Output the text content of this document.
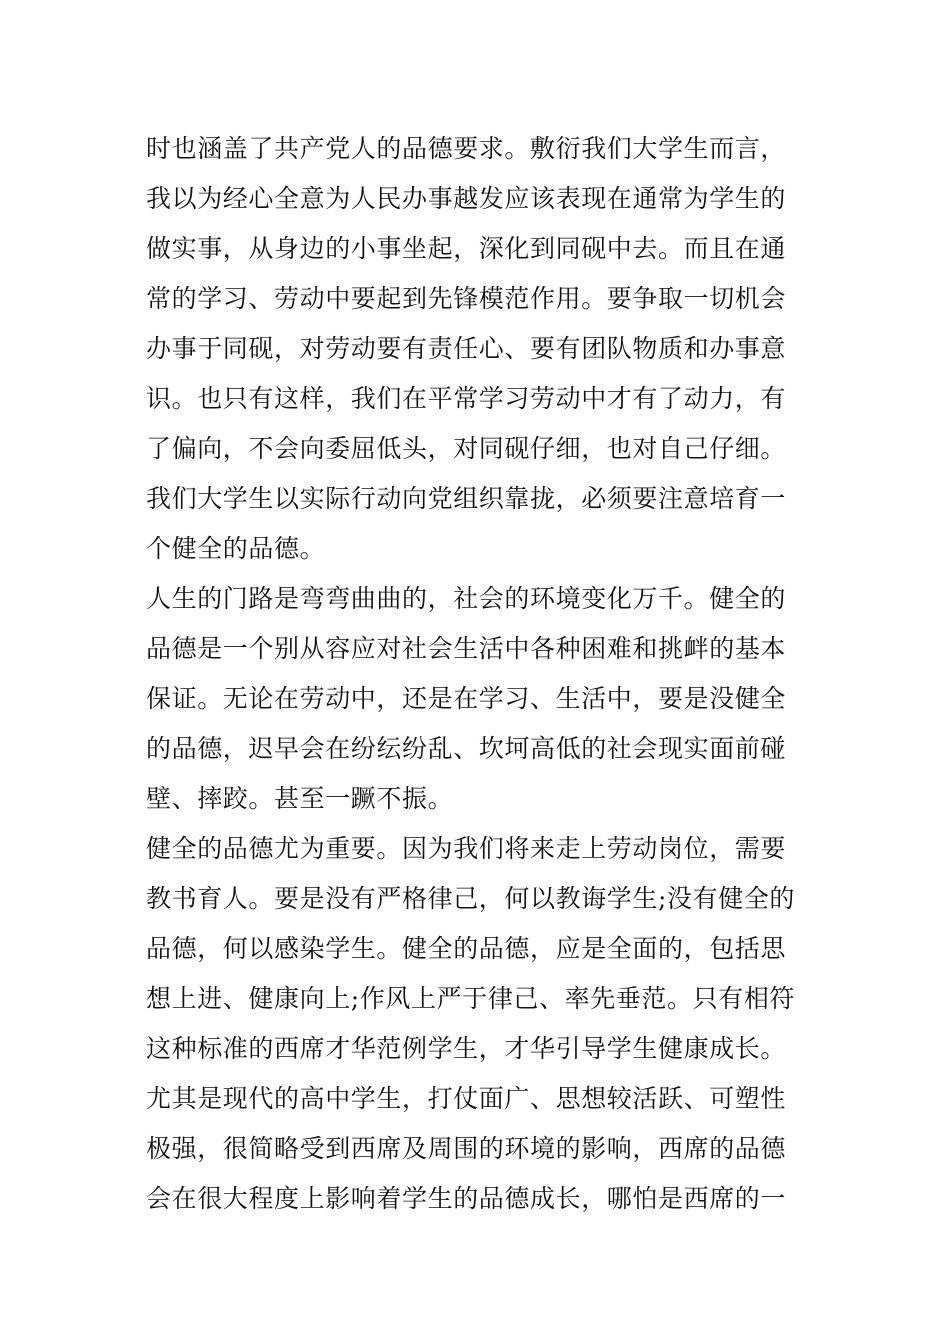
时也涵盖了共产党人的品德要求。敷衍我们大学生而言，
我以为经心全意为人民办事越发应该表现在通常为学生的
做实事，从身边的小事坐起，深化到同砚中去。而且在通
常的学习、劳动中要起到先锋模范作用。要争取一切机会
办事于同砚，对劳动要有责任心、要有团队物质和办事意
识。也只有这样，我们在平常学习劳动中才有了动力，有
了偏向，不会向委屈低头，对同砚仔细，也对自己仔细。
我们大学生以实际行动向党组织靠拢，必须要注意培育一
个健全的品德。
人生的门路是弯弯曲曲的，社会的环境变化万千。健全的
品德是一个别从容应对社会生活中各种困难和挑衅的基本
保证。无论在劳动中，还是在学习、生活中，要是没健全
的品德，迟早会在纷纭纷乱、坎坷高低的社会现实面前碰
壁、摔跤。甚至一蹶不振。
健全的品德尤为重要。因为我们将来走上劳动岗位，需要
教书育人。要是没有严格律己，何以教诲学生;没有健全的
品德，何以感染学生。健全的品德，应是全面的，包括思
想上进、健康向上;作风上严于律己、率先垂范。只有相符
这种标准的西席才华范例学生，才华引导学生健康成长。
尤其是现代的高中学生，打仗面广、思想较活跃、可塑性
极强，很简略受到西席及周围的环境的影响，西席的品德
会在很大程度上影响着学生的品德成长，哪怕是西席的一
